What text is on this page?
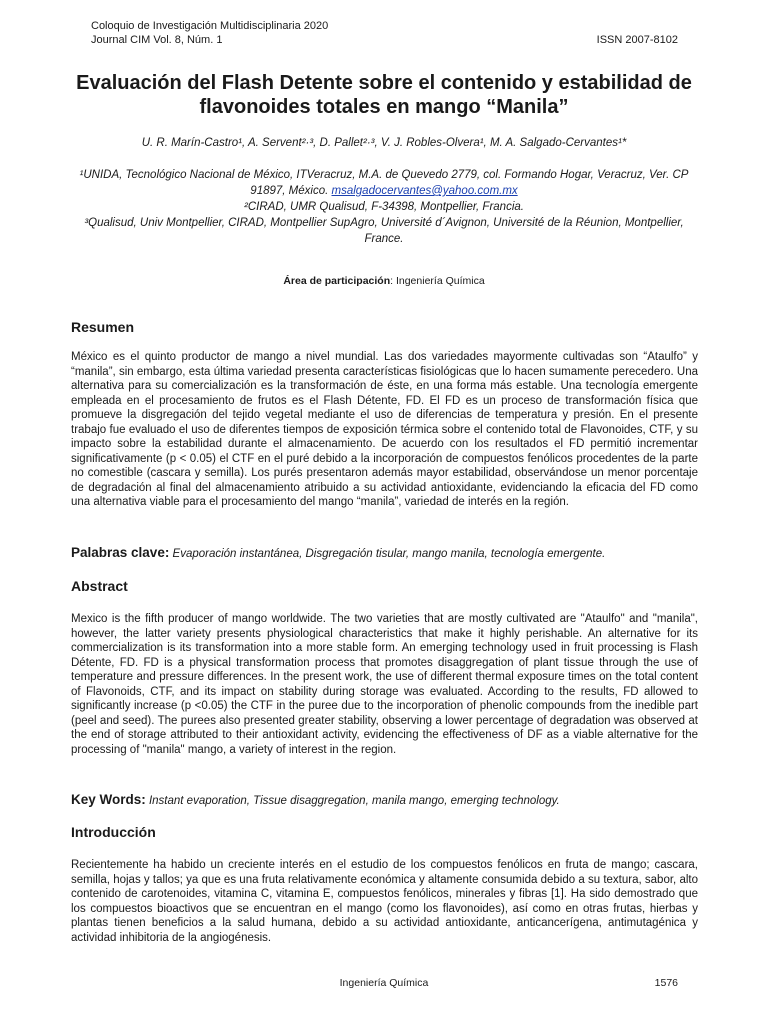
Coloquio de Investigación Multidisciplinaria 2020
Journal CIM Vol. 8, Núm. 1	ISSN 2007-8102
Evaluación del Flash Detente sobre el contenido y estabilidad de flavonoides totales en mango “Manila”
U. R. Marín-Castro¹, A. Servent²·³, D. Pallet²·³, V. J. Robles-Olvera¹, M. A. Salgado-Cervantes¹*
¹UNIDA, Tecnológico Nacional de México, ITVeracruz, M.A. de Quevedo 2779, col. Formando Hogar, Veracruz, Ver. CP 91897, México. msalgadocervantes@yahoo.com.mx
²CIRAD, UMR Qualisud, F-34398, Montpellier, Francia.
³Qualisud, Univ Montpellier, CIRAD, Montpellier SupAgro, Université d´Avignon, Université de la Réunion, Montpellier, France.
Área de participación: Ingeniería Química
Resumen

México es el quinto productor de mango a nivel mundial. Las dos variedades mayormente cultivadas son “Ataulfo” y “manila”, sin embargo, esta última variedad presenta características fisiológicas que lo hacen sumamente perecedero. Una alternativa para su comercialización es la transformación de éste, en una forma más estable. Una tecnología emergente empleada en el procesamiento de frutos es el Flash Détente, FD. El FD es un proceso de transformación física que promueve la disgregación del tejido vegetal mediante el uso de diferencias de temperatura y presión. En el presente trabajo fue evaluado el uso de diferentes tiempos de exposición térmica sobre el contenido total de Flavonoides, CTF, y su impacto sobre la estabilidad durante el almacenamiento. De acuerdo con los resultados el FD permitió incrementar significativamente (p < 0.05) el CTF en el puré debido a la incorporación de compuestos fenólicos procedentes de la parte no comestible (cascara y semilla). Los purés presentaron además mayor estabilidad, observándose un menor porcentaje de degradación al final del almacenamiento atribuido a su actividad antioxidante, evidenciando la eficacia del FD como una alternativa viable para el procesamiento del mango “manila”, variedad de interés en la región.

Palabras clave: Evaporación instantánea, Disgregación tisular, mango manila, tecnología emergente.
Abstract

Mexico is the fifth producer of mango worldwide. The two varieties that are mostly cultivated are "Ataulfo" and "manila", however, the latter variety presents physiological characteristics that make it highly perishable. An alternative for its commercialization is its transformation into a more stable form. An emerging technology used in fruit processing is Flash Détente, FD. FD is a physical transformation process that promotes disaggregation of plant tissue through the use of temperature and pressure differences. In the present work, the use of different thermal exposure times on the total content of Flavonoids, CTF, and its impact on stability during storage was evaluated. According to the results, FD allowed to significantly increase (p <0.05) the CTF in the puree due to the incorporation of phenolic compounds from the inedible part (peel and seed). The purees also presented greater stability, observing a lower percentage of degradation was observed at the end of storage attributed to their antioxidant activity, evidencing the effectiveness of DF as a viable alternative for the processing of "manila" mango, a variety of interest in the region.

Key Words: Instant evaporation, Tissue disaggregation, manila mango, emerging technology.
Introducción

Recientemente ha habido un creciente interés en el estudio de los compuestos fenólicos en fruta de mango; cascara, semilla, hojas y tallos; ya que es una fruta relativamente económica y altamente consumida debido a su textura, sabor, alto contenido de carotenoides, vitamina C, vitamina E, compuestos fenólicos, minerales y fibras [1]. Ha sido demostrado que los compuestos bioactivos que se encuentran en el mango (como los flavonoides), así como en otras frutas, hierbas y plantas tienen beneficios a la salud humana, debido a su actividad antioxidante, anticancerígena, antimutagénica y actividad inhibitoria de la angiogénesis.

Ingeniería Química	1576
